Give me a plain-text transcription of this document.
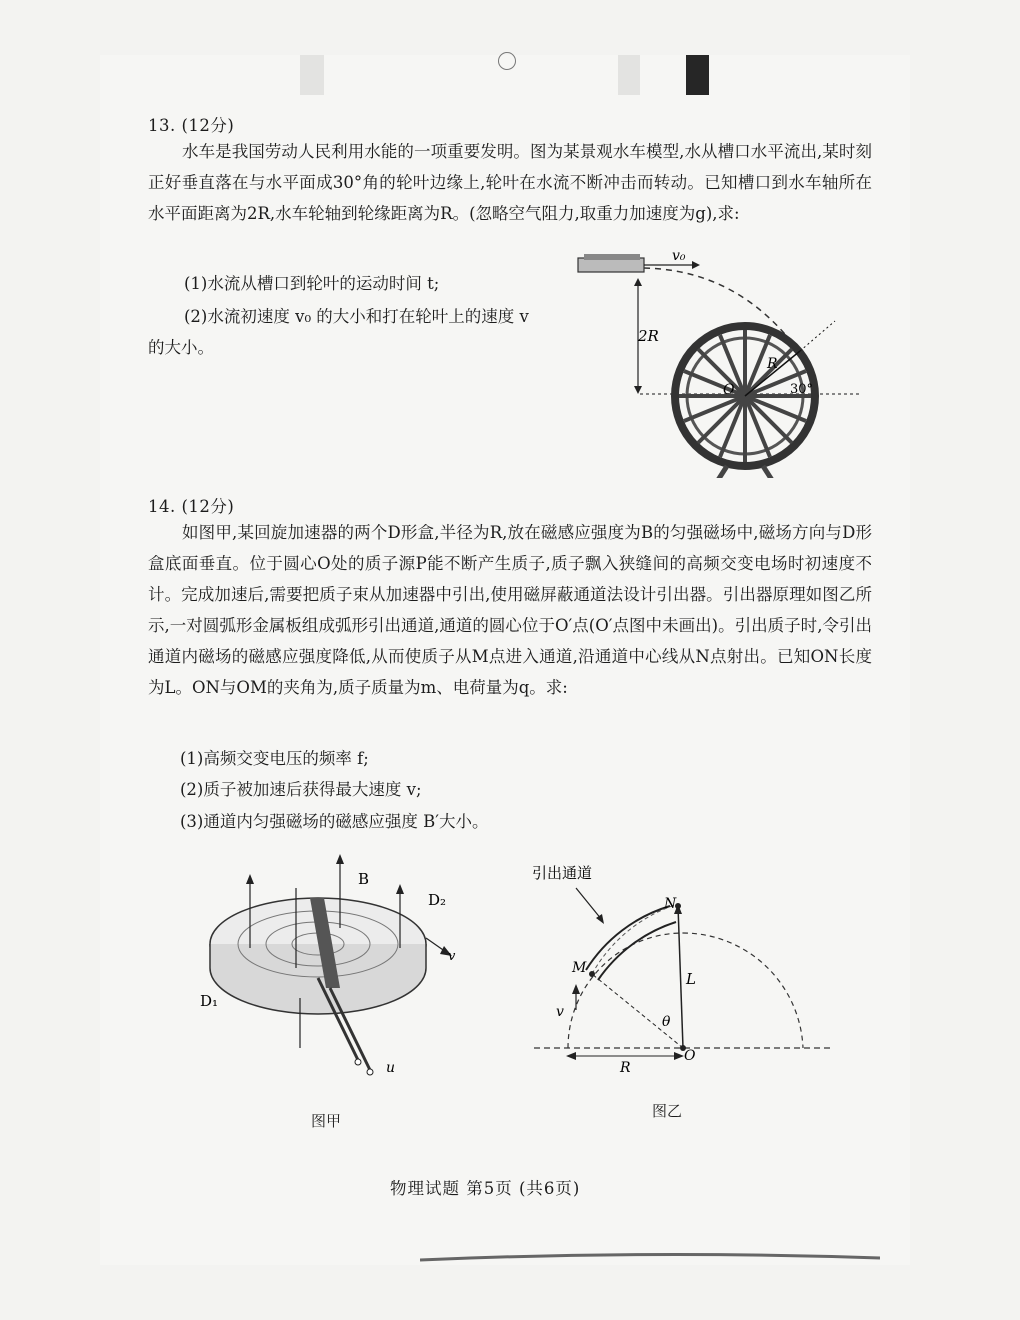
13. (12分)
水车是我国劳动人民利用水能的一项重要发明。图为某景观水车模型,水从槽口水平流出,某时刻正好垂直落在与水平面成30°角的轮叶边缘上,轮叶在水流不断冲击而转动。已知槽口到水车轴所在水平面距离为2R,水车轮轴到轮缘距离为R。(忽略空气阻力,取重力加速度为g),求:
(1)水流从槽口到轮叶的运动时间 t;
(2)水流初速度 v₀ 的大小和打在轮叶上的速度 v
的大小。
v₀
2R
R
30°
O
14. (12分)
如图甲,某回旋加速器的两个D形盒,半径为R,放在磁感应强度为B的匀强磁场中,磁场方向与D形盒底面垂直。位于圆心O处的质子源P能不断产生质子,质子飘入狭缝间的高频交变电场时初速度不计。完成加速后,需要把质子束从加速器中引出,使用磁屏蔽通道法设计引出器。引出器原理如图乙所示,一对圆弧形金属板组成弧形引出通道,通道的圆心位于O′点(O′点图中未画出)。引出质子时,令引出通道内磁场的磁感应强度降低,从而使质子从M点进入通道,沿通道中心线从N点射出。已知ON长度为L。ON与OM的夹角为,质子质量为m、电荷量为q。求:
(1)高频交变电压的频率 f;
(2)质子被加速后获得最大速度 v;
(3)通道内匀强磁场的磁感应强度 B′大小。
B
D₂
D₁
v
u
图甲
引出通道
N
M
L
v
θ
O
R
图乙
物理试题 第5页 (共6页)
